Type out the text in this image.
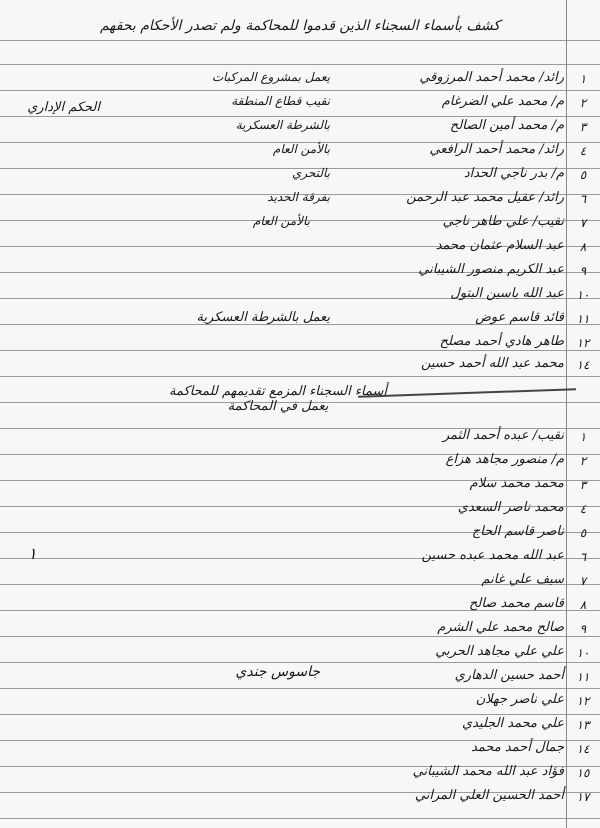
كشف بأسماء السجناء الذين قدموا للمحاكمة ولم تصدر الأحكام بحقهم
١
رائد/ محمد أحمد المرزوقي
٢
م/ محمد علي الضرغام
٣
م/ محمد أمين الصالح
٤
رائد/ محمد أحمد الرافعي
٥
م/ بدر ناجي الحداد
٦
رائد/ عقيل محمد عبد الرحمن
٧
نقيب/ علي طاهر ناجي
٨
عبد السلام عثمان محمد
٩
عبد الكريم منصور الشيباني
١٠
عبد الله ياسين البتول
١١
قائد قاسم عوض
١٢
طاهر هادي أحمد مصلح
١٤
محمد عبد الله أحمد حسين
يعمل بمشروع المركبات
نقيب قطاع المنطقة
بالشرطة العسكرية
بالأمن العام
بالتحري
بفرقة الحديد
بالأمن العام
الحكم الإداري
يعمل بالشرطة العسكرية
أسماء السجناء المزمع تقديمهم للمحاكمة
يعمل في المحاكمة
١
نقيب/ عبده أحمد الثمر
٢
م/ منصور مجاهد هزاع
٣
محمد محمد سلام
٤
محمد ناصر السعدي
٥
ناصر قاسم الحاج
٦
عبد الله محمد عبده حسين
٧
سيف علي غانم
٨
قاسم محمد صالح
٩
صالح محمد علي الشرم
١٠
علي علي مجاهد الحربي
١١
أحمد حسين الدهاري
١٢
علي ناصر جهلان
١٣
علي محمد الجليدي
١٤
جمال أحمد محمد
١٥
فؤاد عبد الله محمد الشيباني
١٧
أحمد الحسين العلي المراني
١
جاسوس جندي
